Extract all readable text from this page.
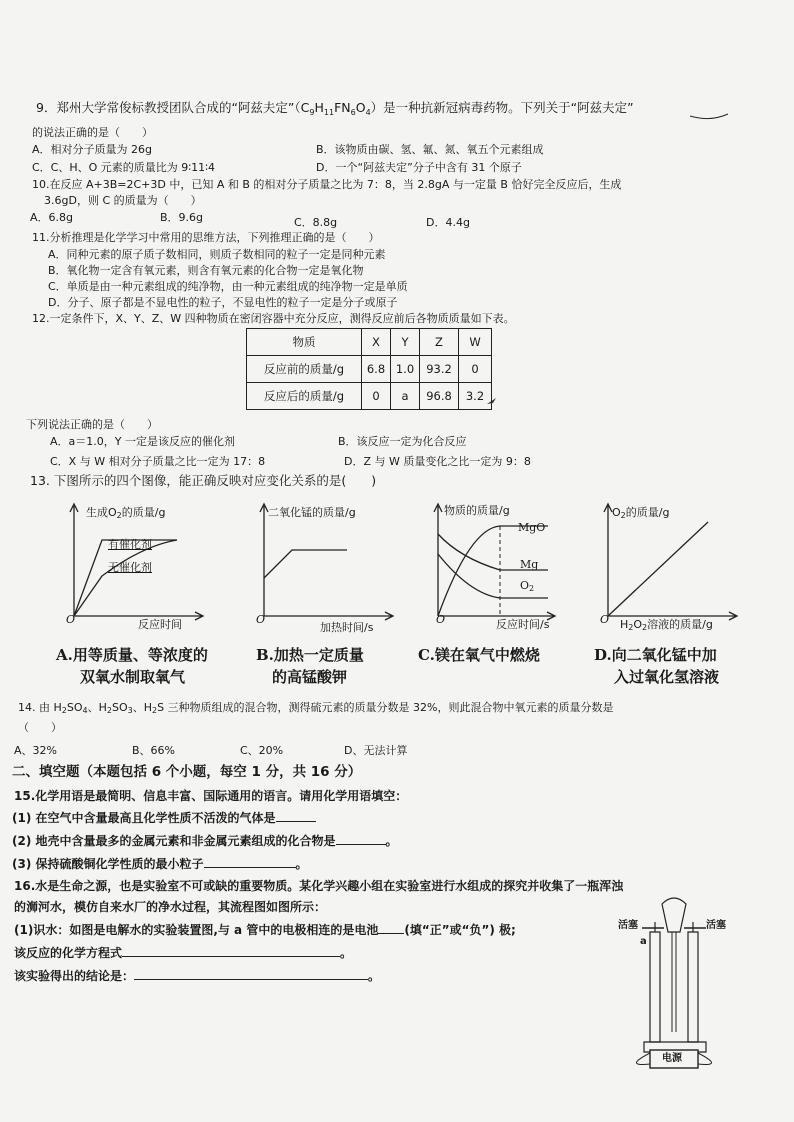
9．郑州大学常俊标教授团队合成的“阿兹夫定$”(C_9H_{11}FN_6O_4)$是一种抗新冠病毒药物。下列关于“阿兹夫定”
的说法正确的是（　　）
A．相对分子质量为 26g	B．该物质由碳、氢、氟、氮、氧五个元素组成
C．C、H、O 元素的质量比为 9∶11∶4	D．一个“阿兹夫定”分子中含有 31 个原子
10.在反应 A+3B=2C+3D 中，已知 A 和 B 的相对分子质量之比为 7：8，当 2.8gA 与一定量 B 恰好完全反应后，生成
3.6gD，则 C 的质量为（　　）
A．6.8g	B．9.6g	C．8.8g	D．4.4g
11.分析推理是化学学习中常用的思维方法，下列推理正确的是（　　）
A．同种元素的原子质子数相同，则质子数相同的粒子一定是同种元素
B．氧化物一定含有氧元素，则含有氧元素的化合物一定是氧化物
C．单质是由一种元素组成的纯净物，由一种元素组成的纯净物一定是单质
D．分子、原子都是不显电性的粒子，不显电性的粒子一定是分子或原子
12.一定条件下，X、Y、Z、W 四种物质在密闭容器中充分反应，测得反应前后各物质质量如下表。
物质	X	Y	Z	W
反应前的质量/g	6.8	1.0	93.2	0
反应后的质量/g	0	a	96.8	3.2
下列说法正确的是（　　）
A．a＝1.0，Y 一定是该反应的催化剂	B．该反应一定为化合反应
C．X 与 W 相对分子质量之比一定为 17：8	D．Z 与 W 质量变化之比一定为 9：8
13. 下图所示的四个图像，能正确反映对应变化关系的是(　　)
生成$O_2$的质量/g
有催化剂
无催化剂
O	反应时间
二氧化锰的质量/g
O
加热时间/s
物质的质量/g
MgO
Mg
$O_2$
O	反应时间/s
$O_2$的质量/g
O $H_2O_2$溶液的质量/g
A.用等质量、等浓度的
双氧水制取氧气
B.加热一定质量
的高锰酸钾
C.镁在氧气中燃烧	D.向二氧化锰中加
入过氧化氢溶液
14. 由 $H_2SO_4$、$H_2SO_3$、$H_2S$ 三种物质组成的混合物，测得硫元素的质量分数是 32%，则此混合物中氧元素的质量分数是
（　　）
A、32%	B、66%	C、20%	D、无法计算
二、填空题（本题包括 6 个小题，每空 1 分，共 16 分）
15.化学用语是最简明、信息丰富、国际通用的语言。请用化学用语填空：
(1) 在空气中含量最高且化学性质不活泼的气体是
(2) 地壳中含量最多的金属元素和非金属元素组成的化合物是	。
(3) 保持硫酸铜化学性质的最小粒子	。
16.水是生命之源，也是实验室不可或缺的重要物质。某化学兴趣小组在实验室进行水组成的探究并收集了一瓶浑浊
的浉河水，模仿自来水厂的净水过程，其流程图如图所示：
(1)识水：如图是电解水的实验装置图,与 a 管中的电极相连的是电池 (填“正”或“负”) 极;
该反应的化学方程式	。
该实验得出的结论是：	。
活塞	活塞
a
电源
